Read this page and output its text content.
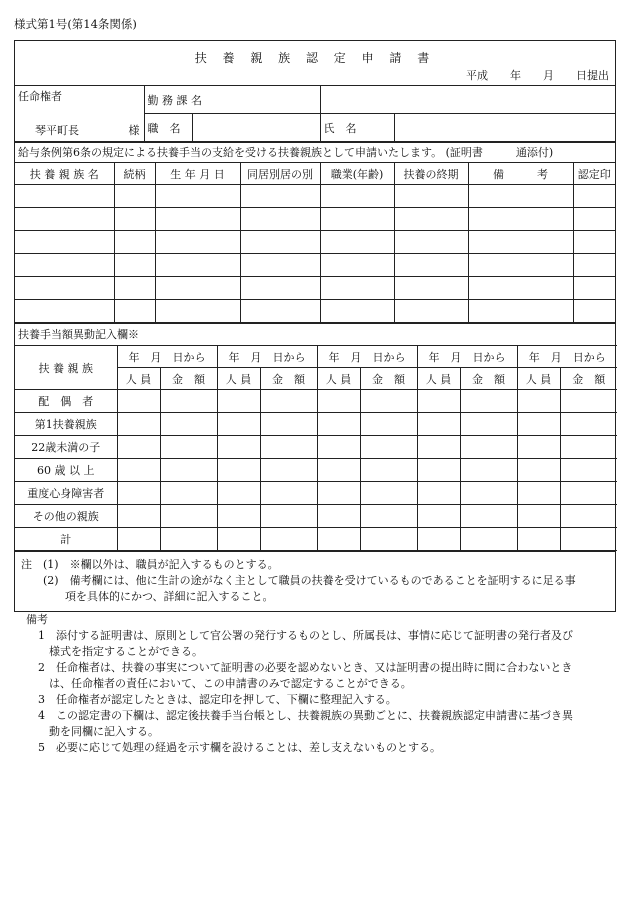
様式第1号(第14条関係)
扶 養 親 族 認 定 申 請 書
平成　　年　　月　　日提出
任命権者
琴平町長 様	勤 務 課 名			
	職　名		氏　名	
給与条例第6条の規定による扶養手当の支給を受ける扶養親族として申請いたします。 (証明書　　　通添付)
扶 養 親 族 名	続柄	生 年 月 日	同居別居の別	職業(年齢)	扶養の終期	備　　　考	認定印

扶養手当額異動記入欄※
扶 養 親 族	年　月　日から		年　月　日から		年　月　日から		年　月　日から		年　月　日から	
	人 員	金　額	人 員	金　額	人 員	金　額	人 員	金　額	人 員	金　額
配　偶　者										
第1扶養親族										
22歳未満の子										
60 歳 以 上										
重度心身障害者										
その他の親族										
計										
注　(1)　※欄以外は、職員が記入するものとする。
　　(2)　備考欄には、他に生計の途がなく主として職員の扶養を受けているものであることを証明するに足る事
　　　　項を具体的にかつ、詳細に記入すること。
備考
1　添付する証明書は、原則として官公署の発行するものとし、所属長は、事情に応じて証明書の発行者及び
　様式を指定することができる。
2　任命権者は、扶養の事実について証明書の必要を認めないとき、又は証明書の提出時に間に合わないとき
　は、任命権者の責任において、この申請書のみで認定することができる。
3　任命権者が認定したときは、認定印を押して、下欄に整理記入する。
4　この認定書の下欄は、認定後扶養手当台帳とし、扶養親族の異動ごとに、扶養親族認定申請書に基づき異
　動を同欄に記入する。
5　必要に応じて処理の経過を示す欄を設けることは、差し支えないものとする。
